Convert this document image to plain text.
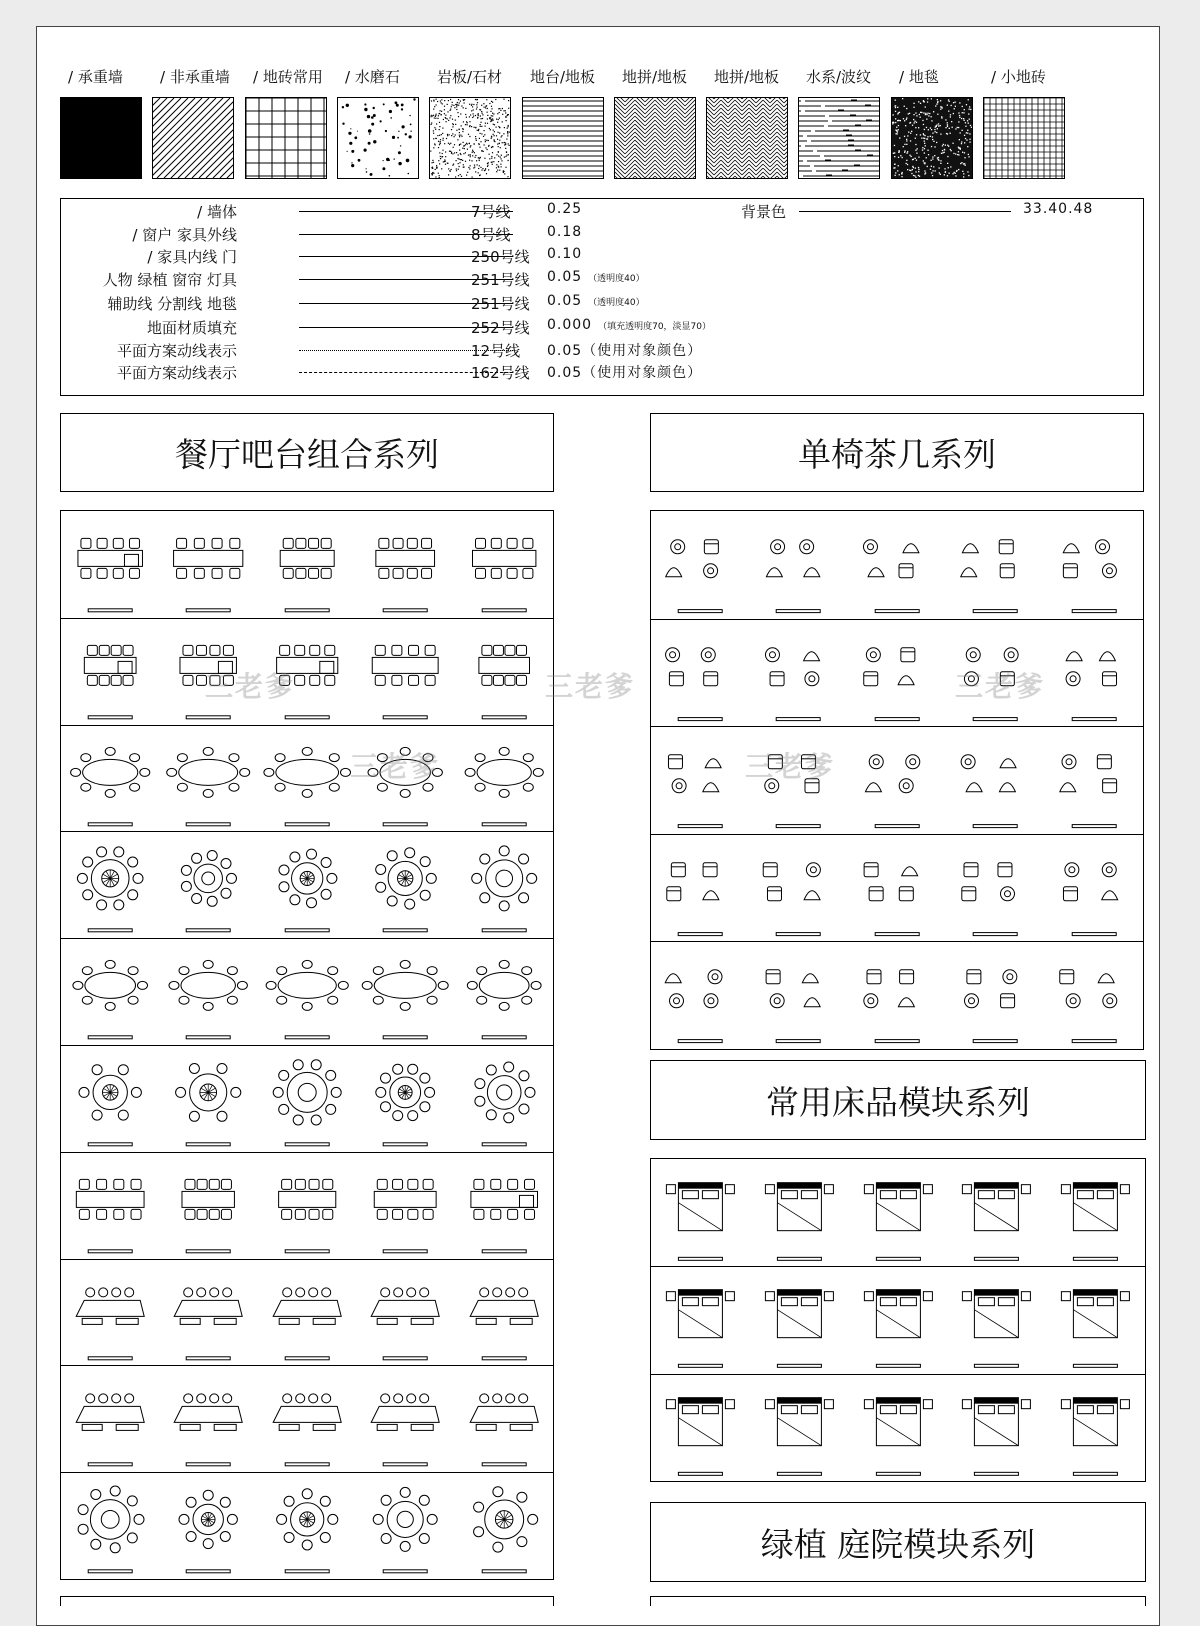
/ 承重墙 / 非承重墙 / 地砖常用 / 水磨石 岩板/石材 地台/地板 地拼/地板 地拼/地板 水系/波纹 / 地毯	/ 小地砖
/ 墙体	7号线	0.25
/ 窗户 家具外线	8号线	0.18
/ 家具内线 门	250号线 0.10
人物 绿植 窗帘 灯具	251号线 0.05 （透明度40）
辅助线 分割线 地毯	251号线 0.05 （透明度40）
地面材质填充	252号线 0.000 （填充透明度70，淡显70）
平面方案动线表示	12号线 0.05（使用对象颜色）
平面方案动线表示	162号线 0.05（使用对象颜色）
背景色	33.40.48
餐厅吧台组合系列	单椅茶几系列
常用床品模块系列
绿植 庭院模块系列
三老爹	三老爹
三老爹	三老爹
三老爹
